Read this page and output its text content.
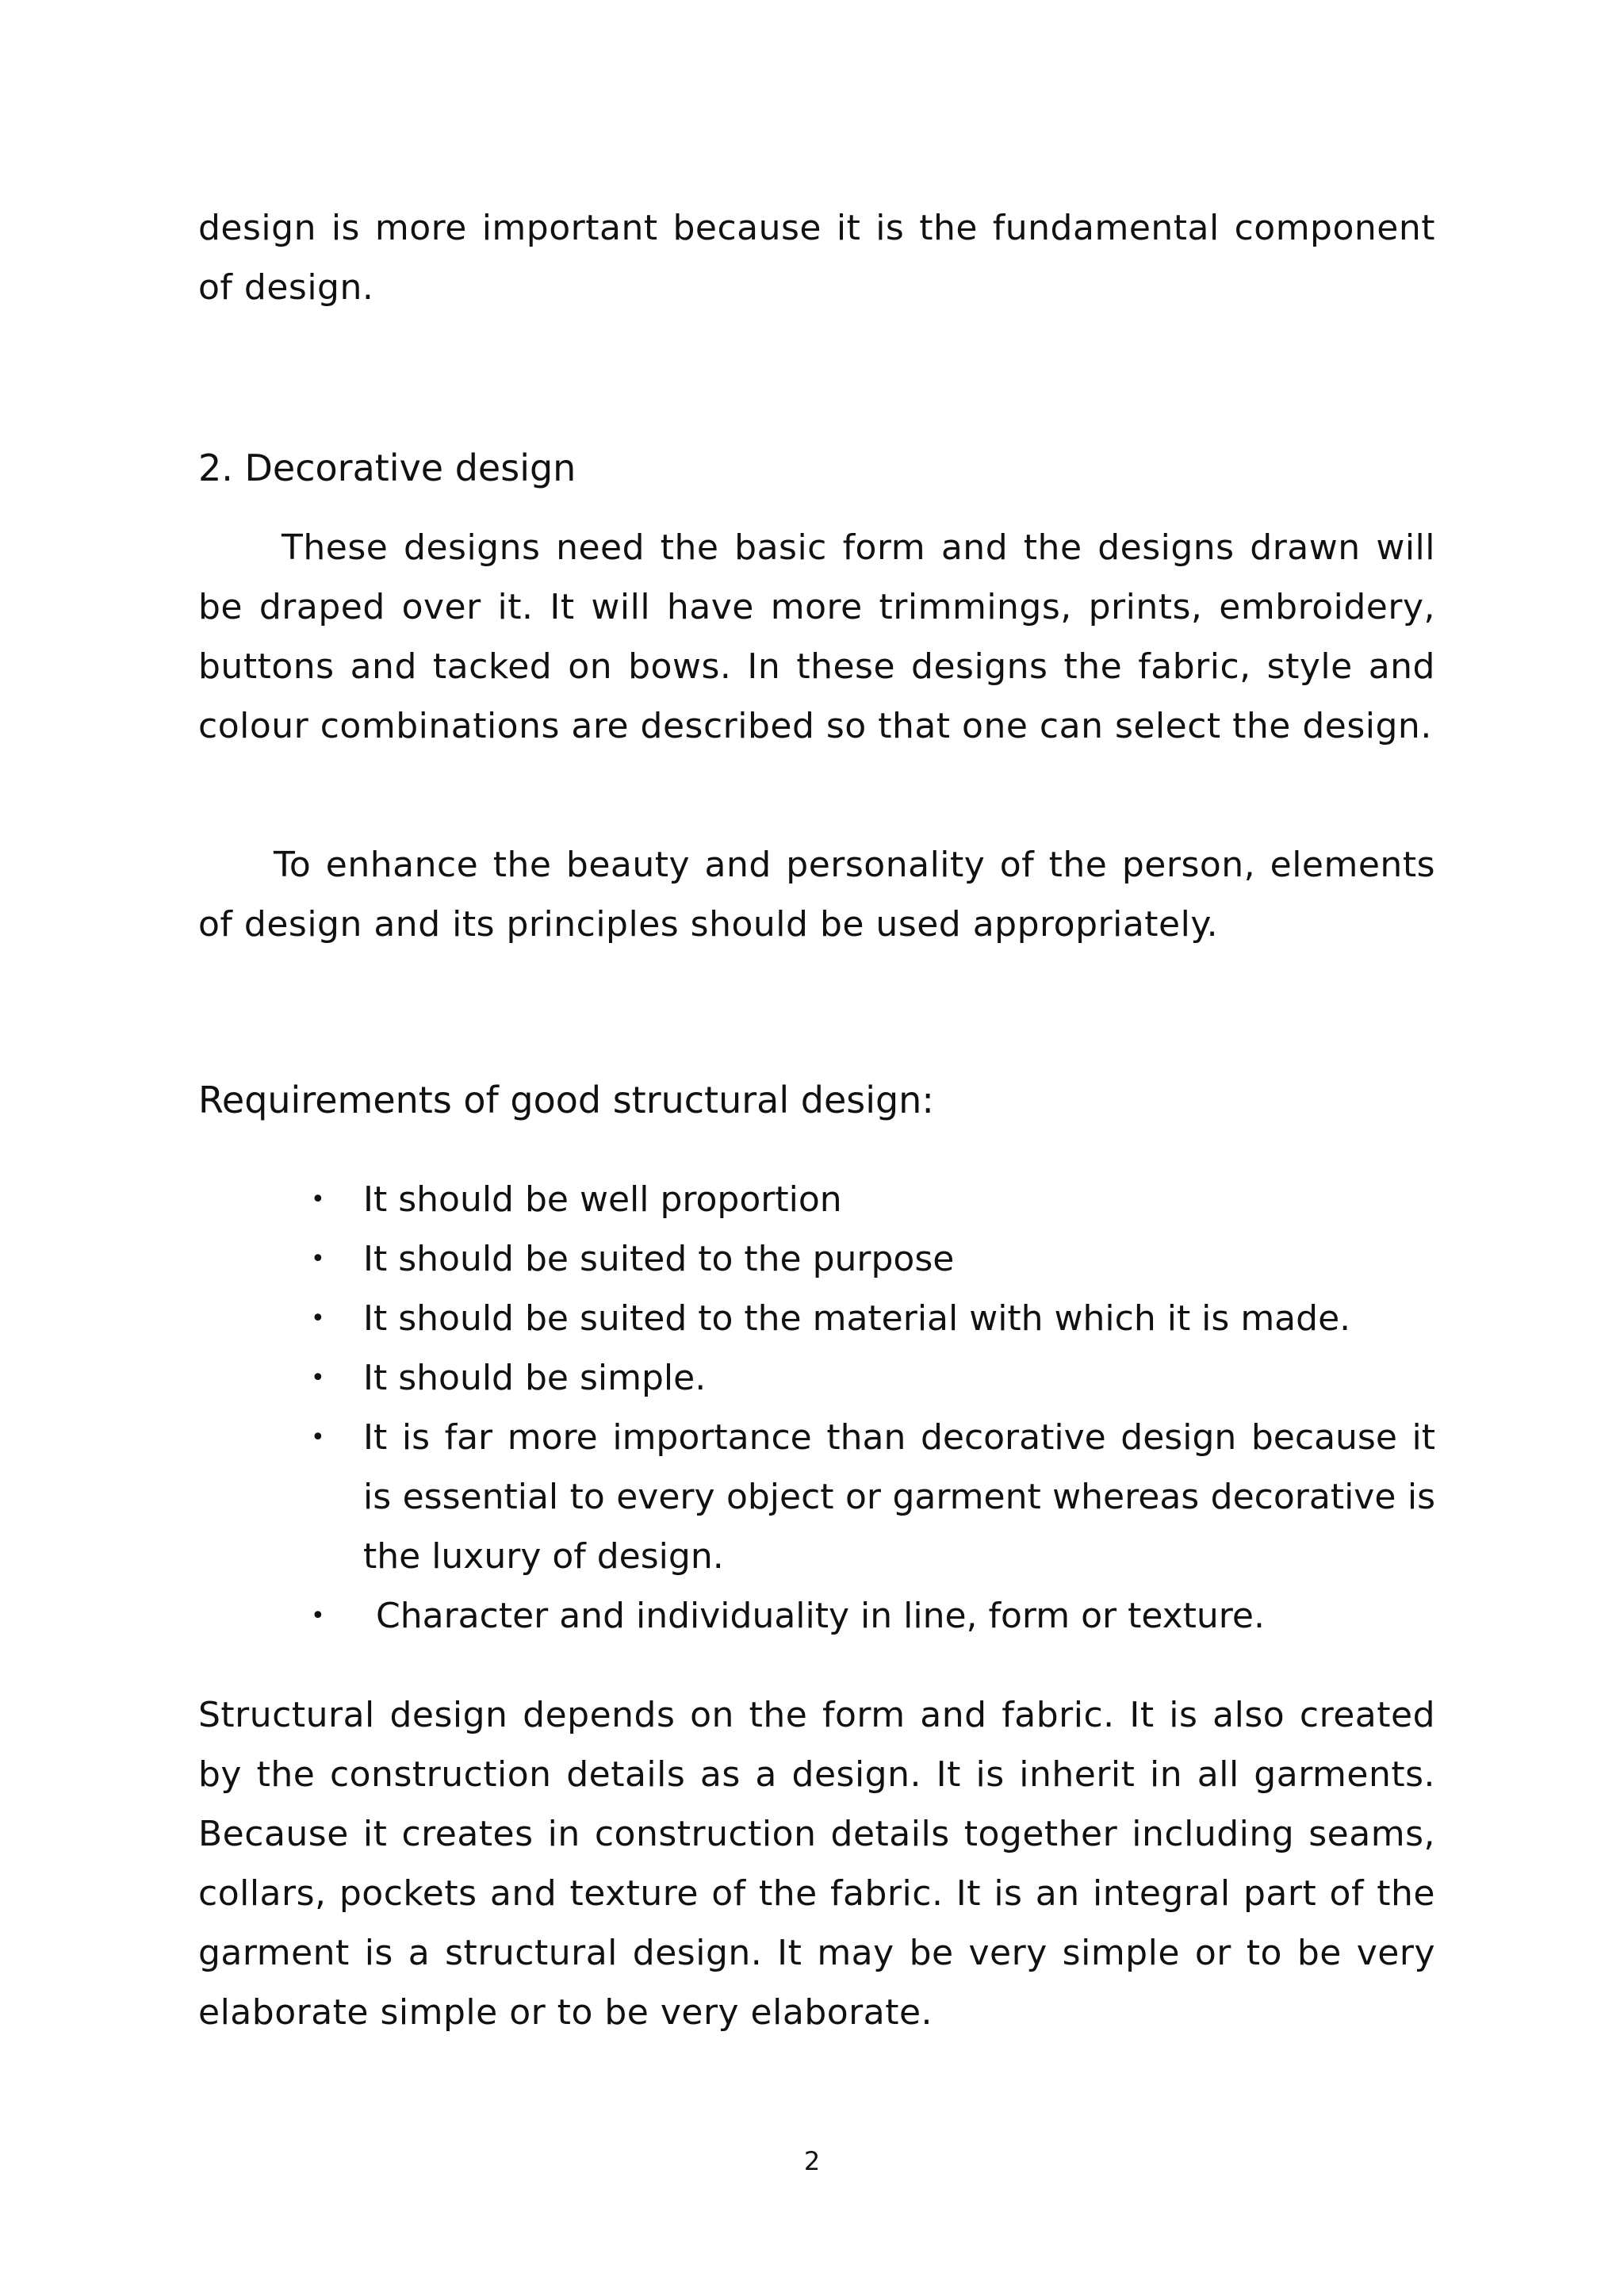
design is more important because it is the fundamental component of design.

2. Decorative design

These designs need the basic form and the designs drawn will be draped over it. It will have more trimmings, prints, embroidery, buttons and tacked on bows. In these designs the fabric, style and colour combinations are described so that one can select the design.

To enhance the beauty and personality of the person, elements of design and its principles should be used appropriately.

Requirements of good structural design:
•	It should be well proportion
•	It should be suited to the purpose
•	It should be suited to the material with which it is made.
•	It should be simple.
•	It is far more importance than decorative design because it is essential to every object or garment whereas decorative is the luxury of design.
•	Character and individuality in line, form or texture.

Structural design depends on the form and fabric. It is also created by the construction details as a design. It is inherit in all garments. Because it creates in construction details together including seams, collars, pockets and texture of the fabric. It is an integral part of the garment is a structural design. It may be very simple or to be very elaborate simple or to be very elaborate.

2
